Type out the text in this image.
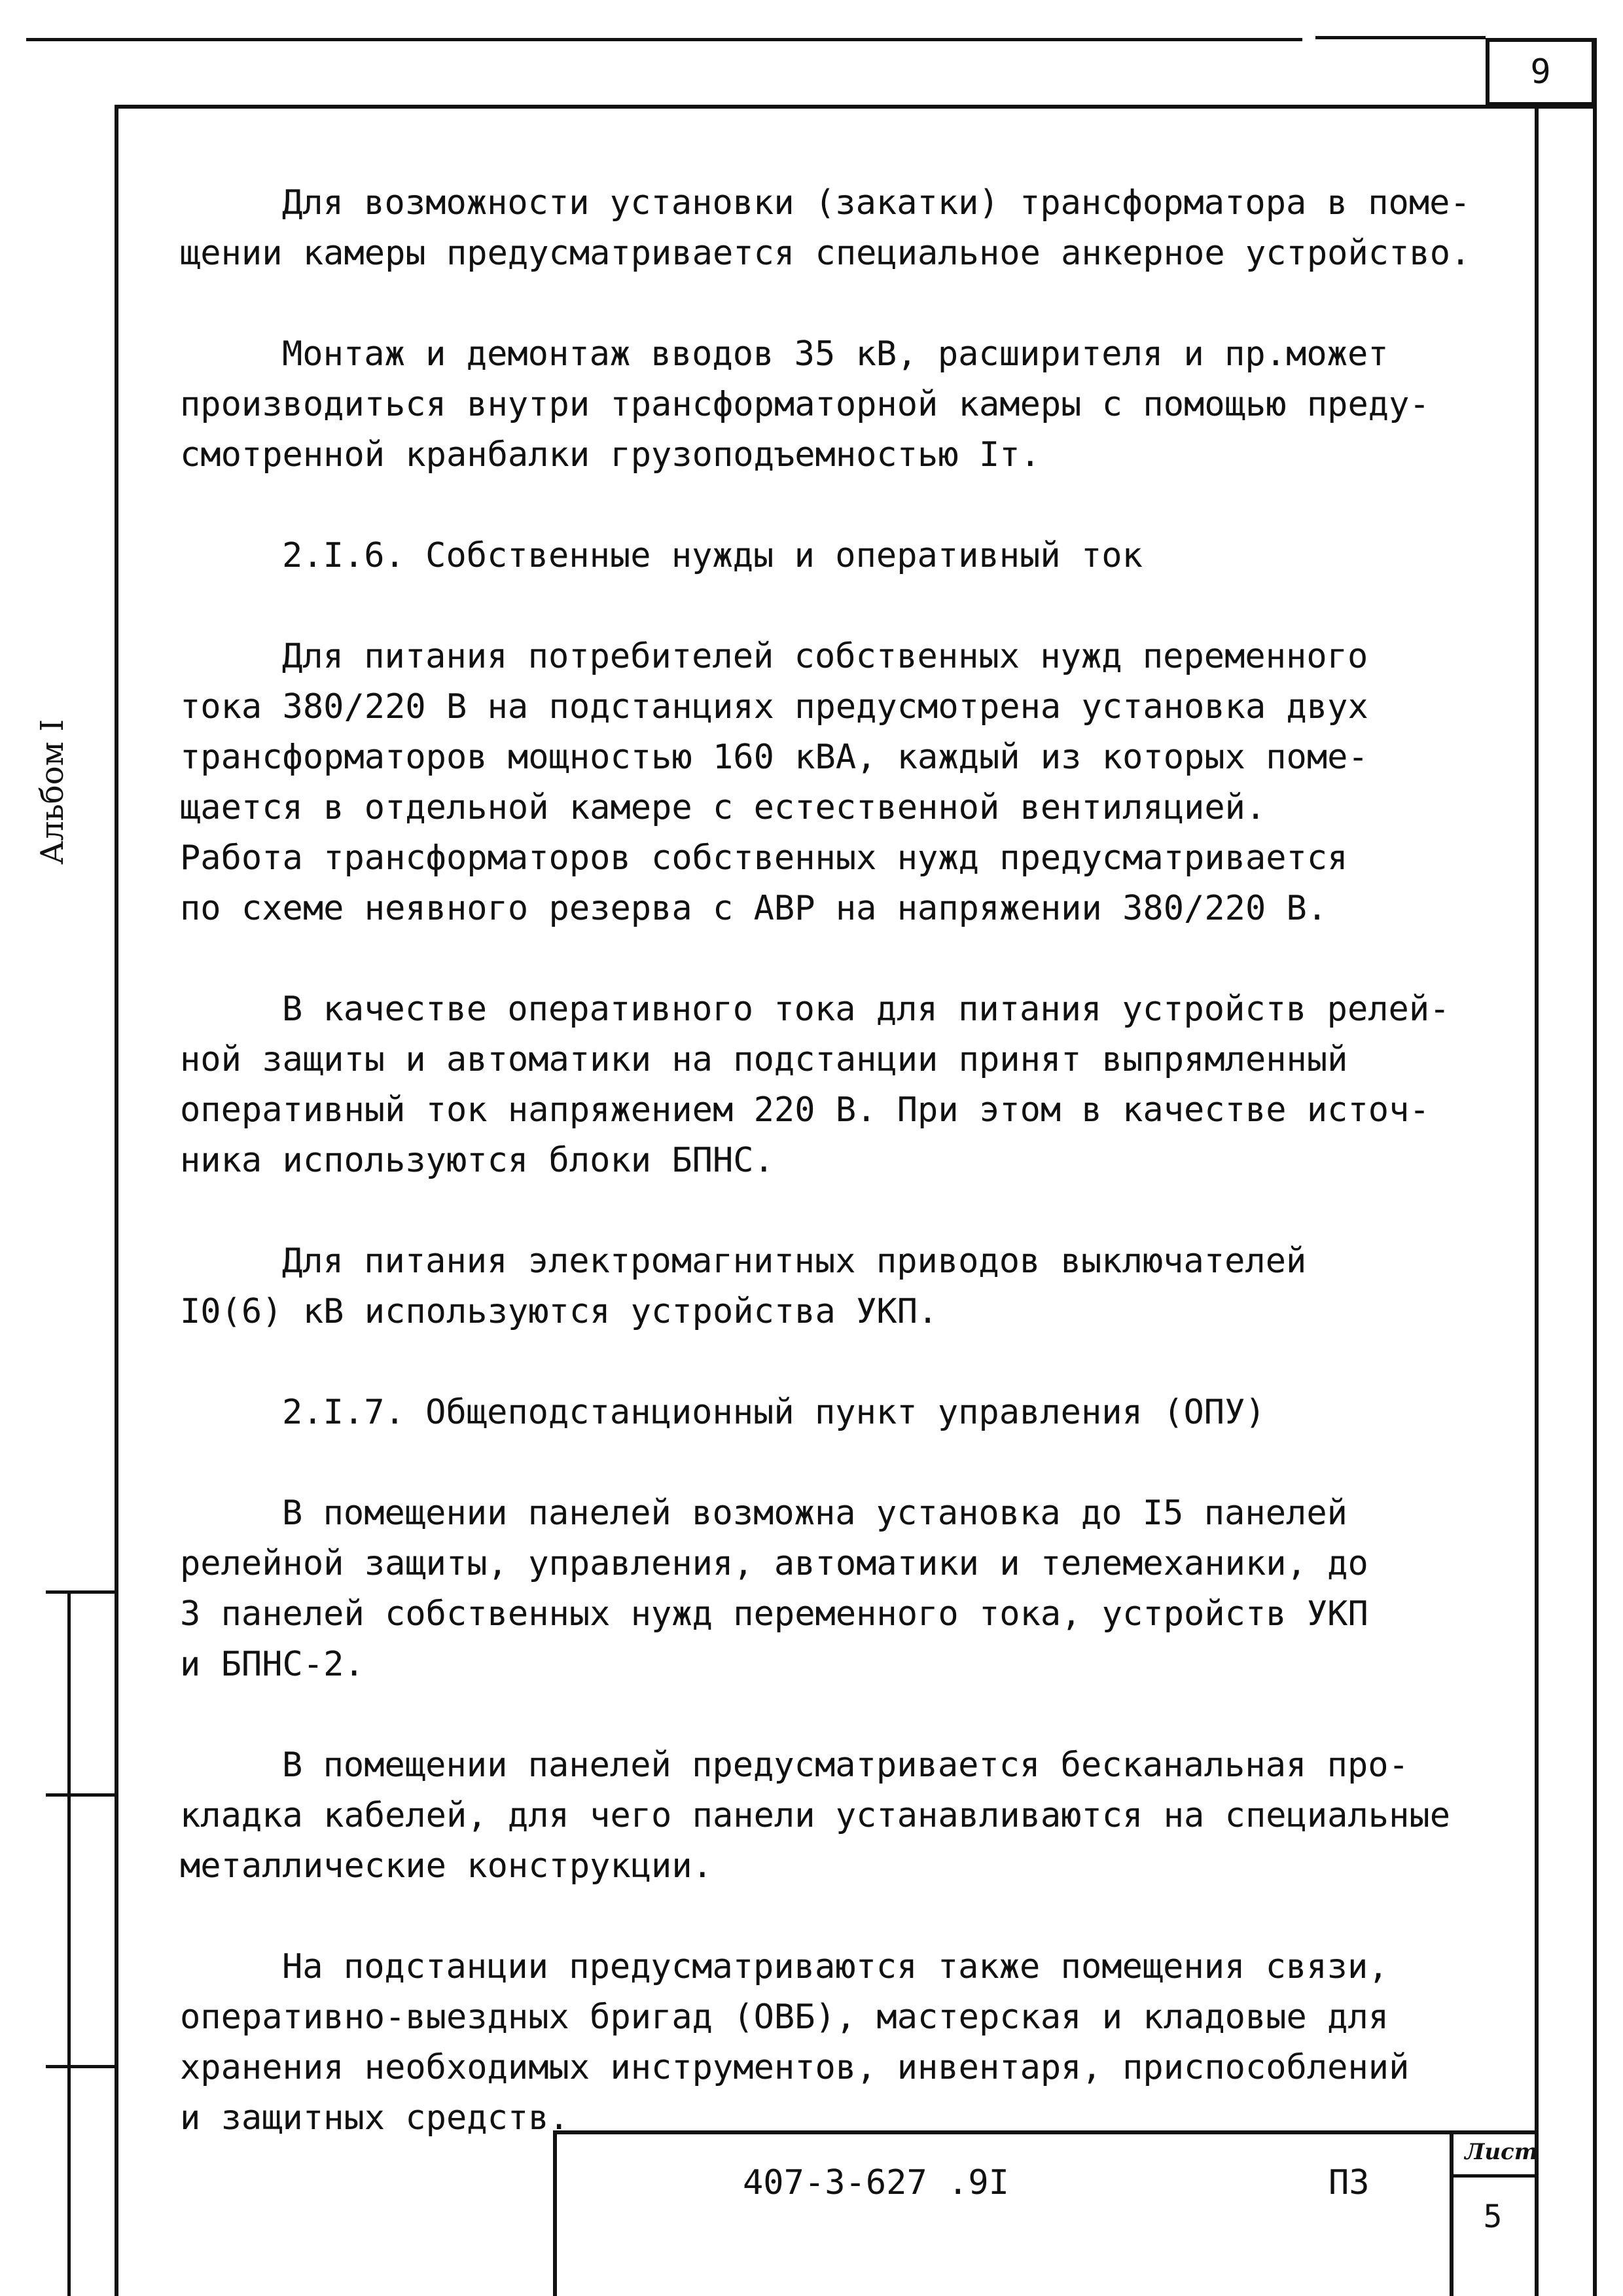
9
Альбом I
Для возможности установки (закатки) трансформатора в поме-
щении камеры предусматривается специальное анкерное устройство.
Монтаж и демонтаж вводов 35 кВ, расширителя и пр.может
производиться внутри трансформаторной камеры с помощью преду-
смотренной кранбалки грузоподъемностью Iт.
2.I.6. Собственные нужды и оперативный ток
Для питания потребителей собственных нужд переменного
тока 380/220 В на подстанциях предусмотрена установка двух
трансформаторов мощностью 160 кВА, каждый из которых поме-
щается в отдельной камере с естественной вентиляцией.
Работа трансформаторов собственных нужд предусматривается
по схеме неявного резерва с АВР на напряжении 380/220 В.
В качестве оперативного тока для питания устройств релей-
ной защиты и автоматики на подстанции принят выпрямленный
оперативный ток напряжением 220 В. При этом в качестве источ-
ника используются блоки БПНС.
Для питания электромагнитных приводов выключателей
I0(6) кВ используются устройства УКП.
2.I.7. Общеподстанционный пункт управления (ОПУ)
В помещении панелей возможна установка до I5 панелей
релейной защиты, управления, автоматики и телемеханики, до
3 панелей собственных нужд переменного тока, устройств УКП
и БПНС-2.
В помещении панелей предусматривается бесканальная про-
кладка кабелей, для чего панели устанавливаются на специальные
металлические конструкции.
На подстанции предусматриваются также помещения связи,
оперативно-выездных бригад (ОВБ), мастерская и кладовые для
хранения необходимых инструментов, инвентаря, приспособлений
и защитных средств.
407-3-627 .9I	ПЗ
Лист
5
